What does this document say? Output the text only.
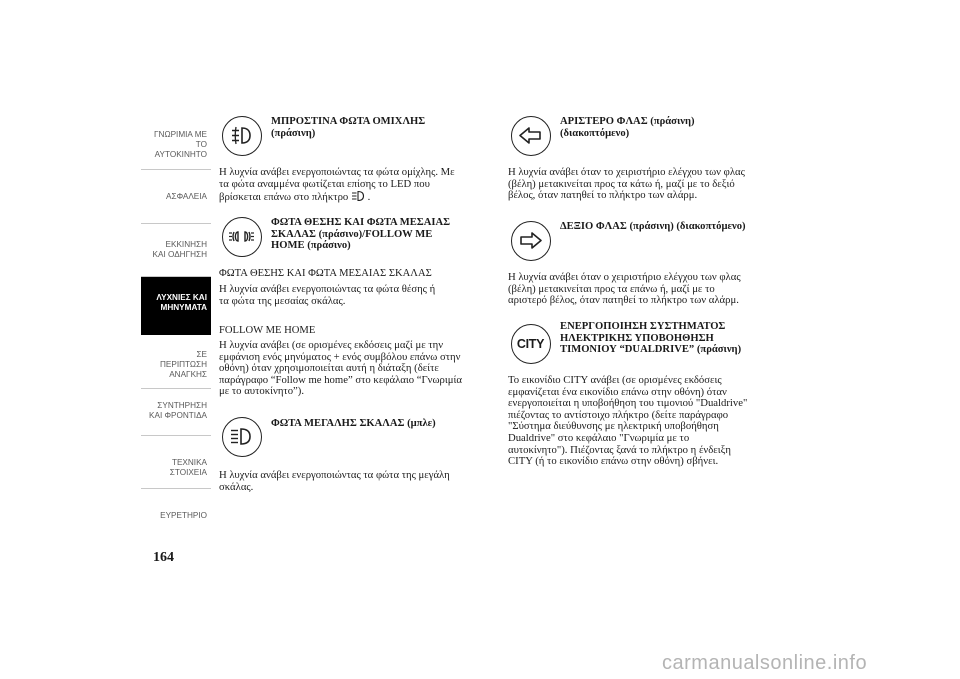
ΓΝΩΡΙΜΙΑ ΜΕ ΤΟ ΑΥΤΟΚΙΝΗΤΟ
ΑΣΦΑΛΕΙΑ
ΕΚΚΙΝΗΣΗ ΚΑΙ ΟΔΗΓΗΣΗ
ΛΥΧΝΙΕΣ ΚΑΙ ΜΗΝΥΜΑΤΑ
ΣΕ ΠΕΡΙΠΤΩΣΗ ΑΝΑΓΚΗΣ
ΣΥΝΤΗΡΗΣΗ ΚΑΙ ΦΡΟΝΤΙΔΑ
ΤΕΧΝΙΚΑ ΣΤΟΙΧΕΙΑ
ΕΥΡΕΤΗΡΙΟ
164
ΜΠΡΟΣΤΙΝΑ ΦΩΤΑ ΟΜΙΧΛΗΣ
(πράσινη)
Η λυχνία ανάβει ενεργοποιώντας τα φώτα ομίχλης. Με
τα φώτα αναμμένα φωτίζεται επίσης το LED που
βρίσκεται επάνω στο πλήκτρο .
ΦΩΤΑ ΘΕΣΗΣ ΚΑΙ ΦΩΤΑ ΜΕΣΑΙΑΣ
ΣΚΑΛΑΣ (πράσινο)/FOLLOW ME
HOME (πράσινο)
ΦΩΤΑ ΘΕΣΗΣ ΚΑΙ ΦΩΤΑ ΜΕΣΑΙΑΣ ΣΚΑΛΑΣ
Η λυχνία ανάβει ενεργοποιώντας τα φώτα θέσης ή
τα φώτα της μεσαίας σκάλας.
FOLLOW ME HOME
Η λυχνία ανάβει (σε ορισμένες εκδόσεις μαζί με την
εμφάνιση ενός μηνύματος + ενός συμβόλου επάνω στην
οθόνη) όταν χρησιμοποιείται αυτή η διάταξη (δείτε
παράγραφο “Follow me home” στο κεφάλαιο “Γνωριμία
με το αυτοκίνητο”).
ΦΩΤΑ ΜΕΓΑΛΗΣ ΣΚΑΛΑΣ (μπλε)
Η λυχνία ανάβει ενεργοποιώντας τα φώτα της μεγάλη
σκάλας.
ΑΡΙΣΤΕΡΟ ΦΛΑΣ (πράσινη)
(διακοπτόμενο)
Η λυχνία ανάβει όταν το χειριστήριο ελέγχου των φλας
(βέλη) μετακινείται προς τα κάτω ή, μαζί με το δεξιό
βέλος, όταν πατηθεί το πλήκτρο των αλάρμ.
ΔΕΞΙΟ ΦΛΑΣ (πράσινη) (διακοπτόμενο)
Η λυχνία ανάβει όταν ο χειριστήριο ελέγχου των φλας
(βέλη) μετακινείται προς τα επάνω ή, μαζί με το
αριστερό βέλος, όταν πατηθεί το πλήκτρο των αλάρμ.
CITY
ΕΝΕΡΓΟΠΟΙΗΣΗ ΣΥΣΤΗΜΑΤΟΣ
ΗΛΕΚΤΡΙΚΗΣ ΥΠΟΒΟΗΘΗΣΗ
ΤΙΜΟΝΙΟΥ “DUALDRIVE” (πράσινη)
Το εικονίδιο CITY ανάβει (σε ορισμένες εκδόσεις
εμφανίζεται ένα εικονίδιο επάνω στην οθόνη) όταν
ενεργοποιείται η υποβοήθηση του τιμονιού "Dualdrive"
πιέζοντας το αντίστοιχο πλήκτρο (δείτε παράγραφο
"Σύστημα διεύθυνσης με ηλεκτρική υποβοήθηση
Dualdrive" στο κεφάλαιο "Γνωριμία με το
αυτοκίνητο"). Πιέζοντας ξανά το πλήκτρο η ένδειξη
CITY (ή το εικονίδιο επάνω στην οθόνη) σβήνει.
carmanualsonline.info
